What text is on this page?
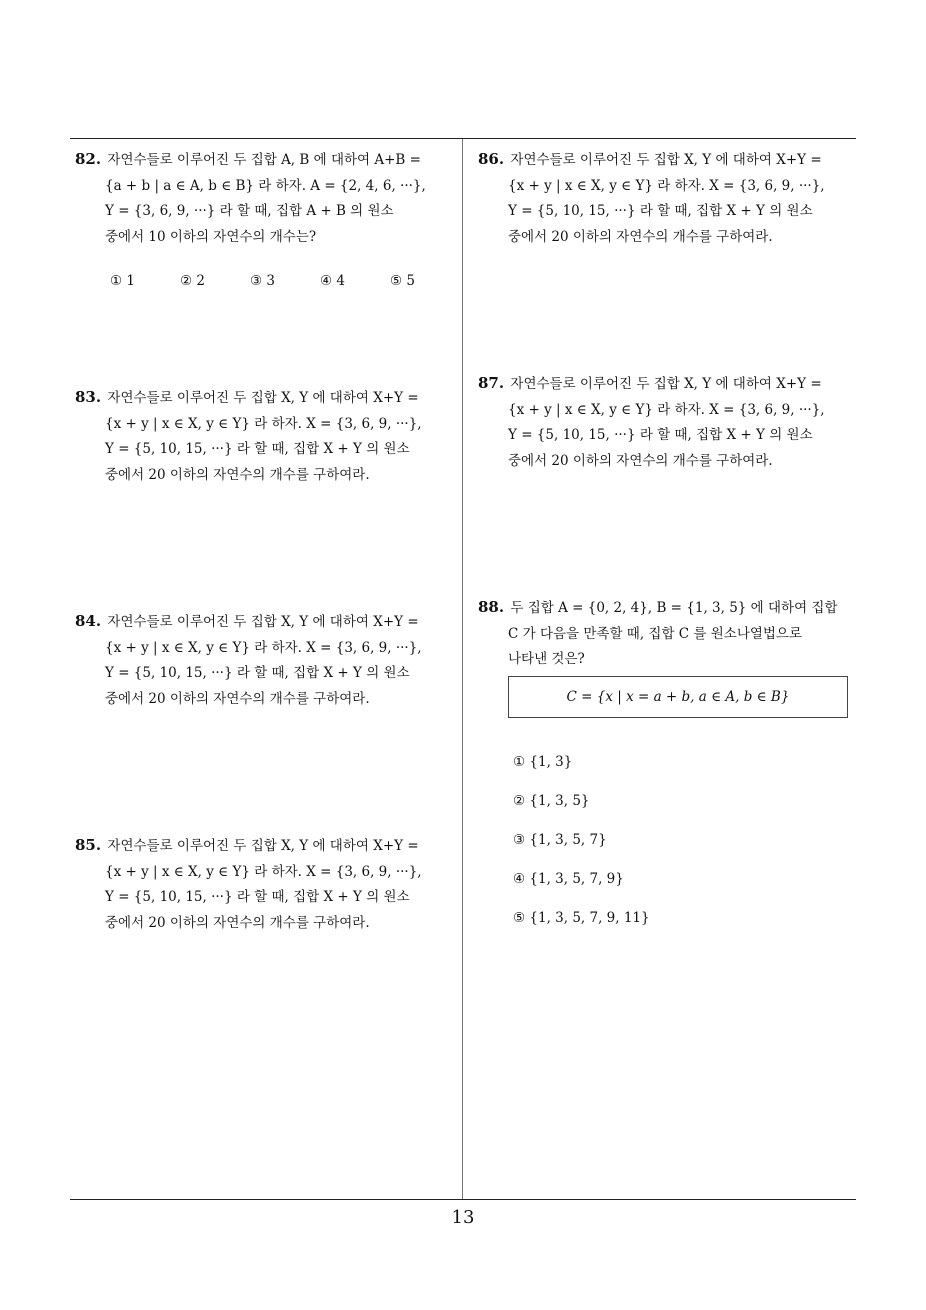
82. 자연수들로 이루어진 두 집합 A, B 에 대하여 A+B =
{a + b | a ∈ A, b ∈ B} 라 하자. A = {2, 4, 6, ···},
Y = {3, 6, 9, ···} 라 할 때, 집합 A + B 의 원소
중에서 10 이하의 자연수의 개수는?
① 1	② 2	③ 3	④ 4	⑤ 5
83. 자연수들로 이루어진 두 집합 X, Y 에 대하여 X+Y =
{x + y | x ∈ X, y ∈ Y} 라 하자. X = {3, 6, 9, ···},
Y = {5, 10, 15, ···} 라 할 때, 집합 X + Y 의 원소
중에서 20 이하의 자연수의 개수를 구하여라.
84. 자연수들로 이루어진 두 집합 X, Y 에 대하여 X+Y =
{x + y | x ∈ X, y ∈ Y} 라 하자. X = {3, 6, 9, ···},
Y = {5, 10, 15, ···} 라 할 때, 집합 X + Y 의 원소
중에서 20 이하의 자연수의 개수를 구하여라.
85. 자연수들로 이루어진 두 집합 X, Y 에 대하여 X+Y =
{x + y | x ∈ X, y ∈ Y} 라 하자. X = {3, 6, 9, ···},
Y = {5, 10, 15, ···} 라 할 때, 집합 X + Y 의 원소
중에서 20 이하의 자연수의 개수를 구하여라.
86. 자연수들로 이루어진 두 집합 X, Y 에 대하여 X+Y =
{x + y | x ∈ X, y ∈ Y} 라 하자. X = {3, 6, 9, ···},
Y = {5, 10, 15, ···} 라 할 때, 집합 X + Y 의 원소
중에서 20 이하의 자연수의 개수를 구하여라.
87. 자연수들로 이루어진 두 집합 X, Y 에 대하여 X+Y =
{x + y | x ∈ X, y ∈ Y} 라 하자. X = {3, 6, 9, ···},
Y = {5, 10, 15, ···} 라 할 때, 집합 X + Y 의 원소
중에서 20 이하의 자연수의 개수를 구하여라.
88. 두 집합 A = {0, 2, 4}, B = {1, 3, 5} 에 대하여 집합
C 가 다음을 만족할 때, 집합 C 를 원소나열법으로
나타낸 것은?
C = {x | x = a + b, a ∈ A, b ∈ B}
① {1, 3}
② {1, 3, 5}
③ {1, 3, 5, 7}
④ {1, 3, 5, 7, 9}
⑤ {1, 3, 5, 7, 9, 11}
13
